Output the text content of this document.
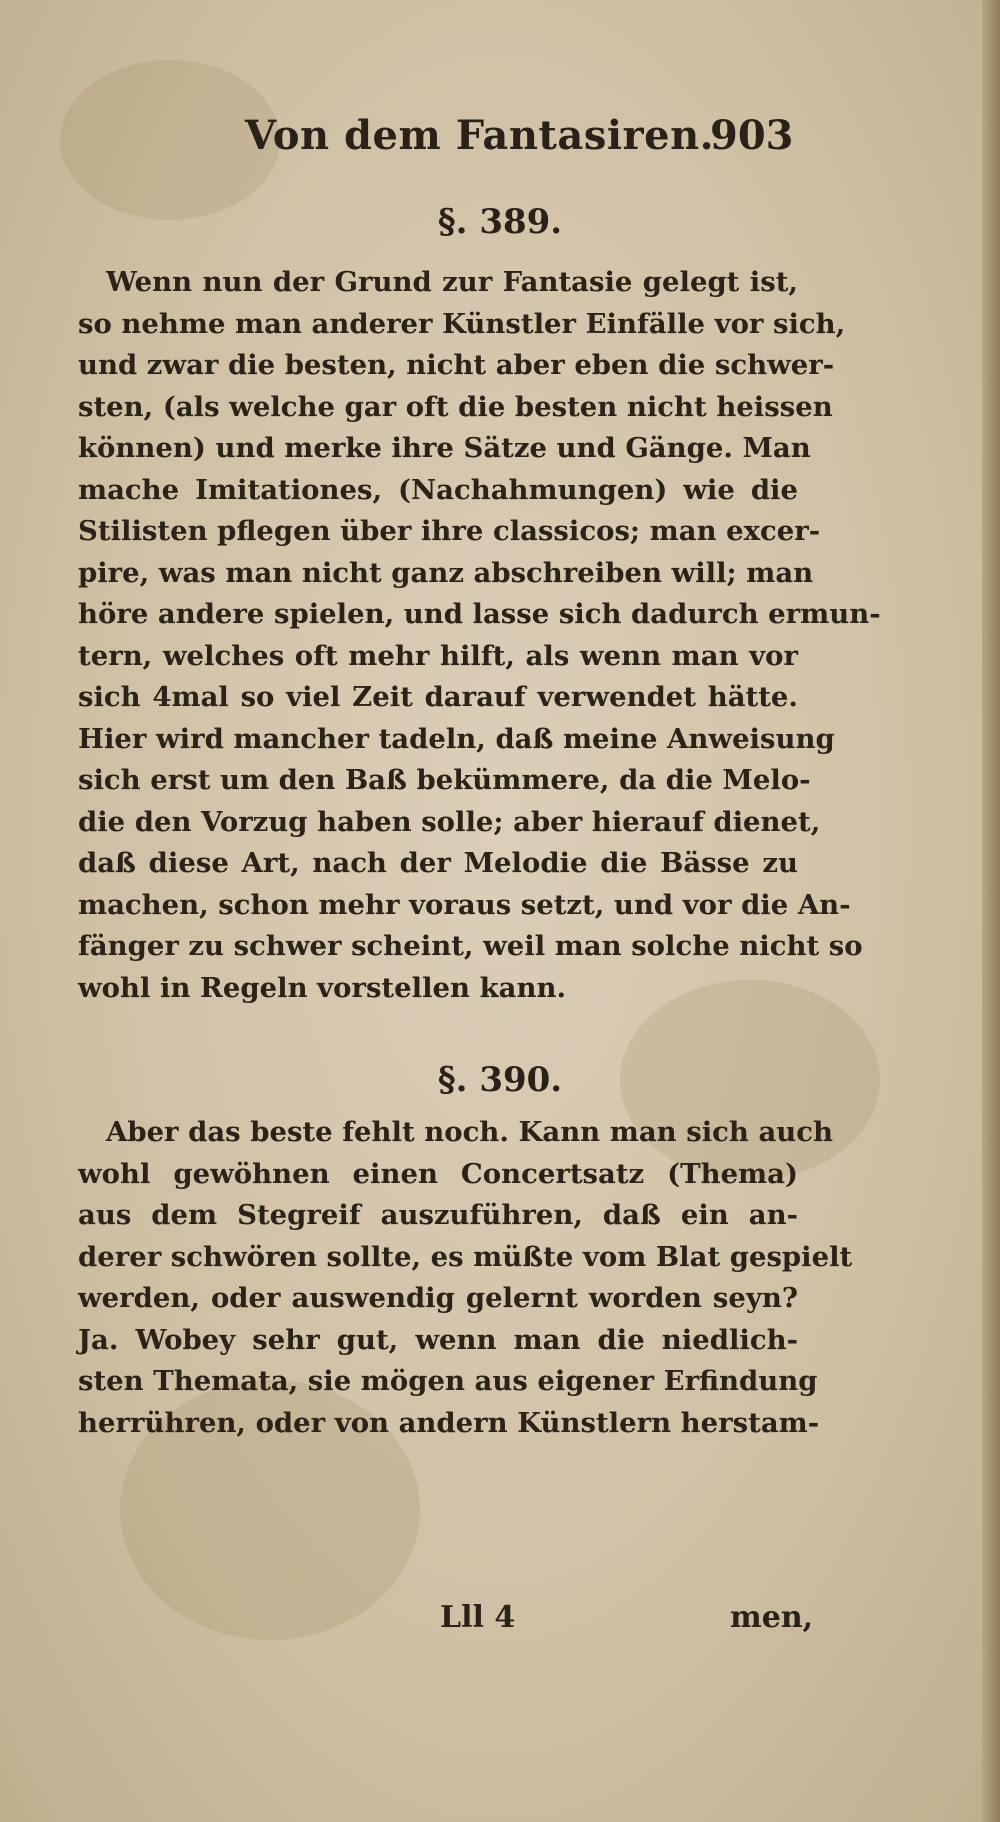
Von dem Fantasiren.
903
§. 389.
Wenn nun der Grund zur Fantasie gelegt ist,
so nehme man anderer Künstler Einfälle vor sich,
und zwar die besten, nicht aber eben die schwer-
sten, (als welche gar oft die besten nicht heissen
können) und merke ihre Sätze und Gänge. Man
mache Imitationes, (Nachahmungen) wie die
Stilisten pflegen über ihre classicos; man excer-
pire, was man nicht ganz abschreiben will; man
höre andere spielen, und lasse sich dadurch ermun-
tern, welches oft mehr hilft, als wenn man vor
sich 4mal so viel Zeit darauf verwendet hätte.
Hier wird mancher tadeln, daß meine Anweisung
sich erst um den Baß bekümmere, da die Melo-
die den Vorzug haben solle; aber hierauf dienet,
daß diese Art, nach der Melodie die Bässe zu
machen, schon mehr voraus setzt, und vor die An-
fänger zu schwer scheint, weil man solche nicht so
wohl in Regeln vorstellen kann.
§. 390.
Aber das beste fehlt noch. Kann man sich auch
wohl gewöhnen einen Concertsatz (Thema)
aus dem Stegreif auszuführen, daß ein an-
derer schwören sollte, es müßte vom Blat gespielt
werden, oder auswendig gelernt worden seyn?
Ja. Wobey sehr gut, wenn man die niedlich-
sten Themata, sie mögen aus eigener Erfindung
herrühren, oder von andern Künstlern herstam-
Lll 4	men,
